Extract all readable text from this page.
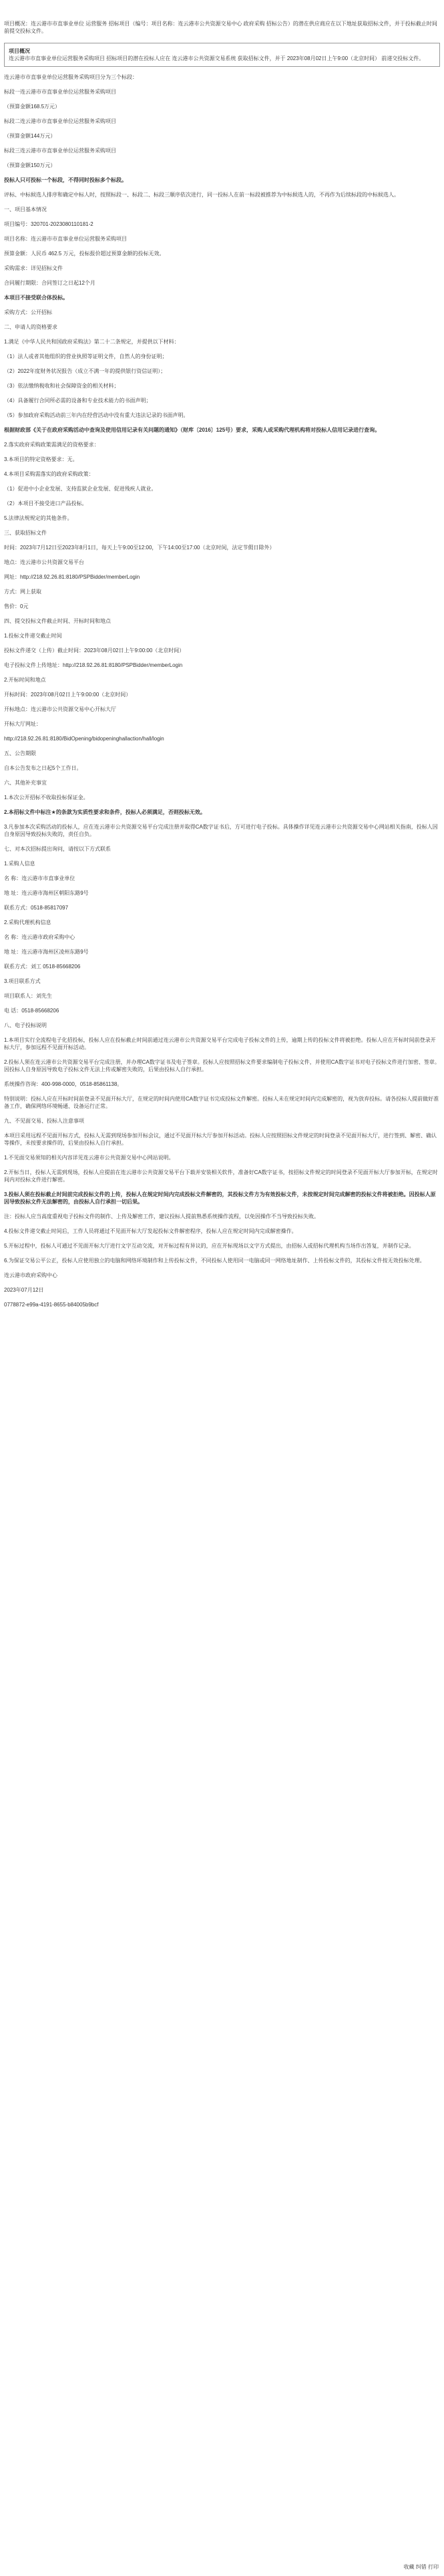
项目概况：连云港市市直事业单位 运营服务 招标项目（编号：项目名称：连云港市公共资源交易中心 政府采购 招标公告）的潜在供应商应在以下地址获取招标文件，并于投标截止时间前提交投标文件。

项目概况

连云港市市直事业单位运营服务采购项目 招标项目的潜在投标人应在 连云港市公共资源交易系统 获取招标文件，并于 2023年08月02日上午9:00（北京时间） 前递交投标文件。

连云港市市直事业单位运营服务采购项目分为三个标段：

标段一连云港市市直事业单位运营服务采购项目

（预算金额168.5万元）

标段二连云港市市直事业单位运营服务采购项目

（预算金额144万元）

标段三连云港市市直事业单位运营服务采购项目

（预算金额150万元）

投标人只可投标一个标段，不得同时投标多个标段。

评标、中标候选人排序和确定中标人时，按照标段一、标段二、标段三顺序依次进行，同一投标人在前一标段被推荐为中标候选人的，不再作为后续标段的中标候选人。

一、项目基本情况

项目编号：320701-2023080110181-2

项目名称：连云港市市直事业单位运营服务采购项目

预算金额：人民币 462.5 万元，投标报价超过预算金额的投标无效。

采购需求：详见招标文件

合同履行期限：合同签订之日起12个月

本项目不接受联合体投标。

采购方式：公开招标

二、申请人的资格要求

1.满足《中华人民共和国政府采购法》第二十二条规定，并提供以下材料：

（1）法人或者其他组织的营业执照等证明文件，自然人的身份证明；

（2）2022年度财务状况报告（成立不满一年的提供银行资信证明）；

（3）依法缴纳税收和社会保障资金的相关材料；

（4）具备履行合同所必需的设备和专业技术能力的书面声明；

（5）参加政府采购活动前三年内在经营活动中没有重大违法记录的书面声明。

根据财政部《关于在政府采购活动中查询及使用信用记录有关问题的通知》（财库〔2016〕125号）要求，采购人或采购代理机构将对投标人信用记录进行查询。

2.落实政府采购政策需满足的资格要求：

3.本项目的特定资格要求：无。

4.本项目采购需落实的政府采购政策：

（1）促进中小企业发展、支持监狱企业发展、促进残疾人就业。

（2）本项目不接受进口产品投标。

5.法律法规规定的其他条件。

三、获取招标文件

时间：2023年7月12日至2023年8月1日，每天上午9:00至12:00，下午14:00至17:00（北京时间，法定节假日除外）

地点：连云港市公共资源交易平台

网址：http://218.92.26.81:8180/PSPBidder/memberLogin

方式：网上获取

售价：0元

四、提交投标文件截止时间、开标时间和地点

1.投标文件递交截止时间

投标文件递交（上传）截止时间：2023年08月02日上午9:00:00（北京时间）

电子投标文件上传地址：http://218.92.26.81:8180/PSPBidder/memberLogin

2.开标时间和地点

开标时间：2023年08月02日上午9:00:00（北京时间）

开标地点：连云港市公共资源交易中心开标大厅

开标大厅网址：

http://218.92.26.81:8180/BidOpening/bidopeninghallaction/hall/login

五、公告期限

自本公告发布之日起5个工作日。

六、其他补充事宜

1.本次公开招标不收取投标保证金。

2.本招标文件中标注★的条款为实质性要求和条件，投标人必须满足，否则投标无效。

3.凡参加本次采购活动的投标人，应在连云港市公共资源交易平台完成注册并取得CA数字证书后，方可进行电子投标。具体操作详见连云港市公共资源交易中心网站相关指南，投标人因自身原因导致投标失败的，责任自负。

七、对本次招标提出询问，请按以下方式联系

1.采购人信息

名 称：连云港市市直事业单位

地 址：连云港市海州区朝阳东路9号

联系方式：0518-85817097

2.采购代理机构信息

名 称：连云港市政府采购中心

地 址：连云港市海州区凌州东路9号

联系方式：刘工 0518-85668206

3.项目联系方式

项目联系人：刘先生

电 话：0518-85668206

八、电子投标说明

1.本项目实行全流程电子化招投标，投标人应在投标截止时间前通过连云港市公共资源交易平台完成电子投标文件的上传，逾期上传的投标文件将被拒绝。投标人应在开标时间前登录开标大厅，参加远程不见面开标活动。

2.投标人须在连云港市公共资源交易平台完成注册，并办理CA数字证书及电子签章。投标人应按照招标文件要求编制电子投标文件，并使用CA数字证书对电子投标文件进行加密、签章。因投标人自身原因导致电子投标文件无法上传或解密失败的，后果由投标人自行承担。

系统操作咨询：400-998-0000，0518-85861138。

特别说明：投标人应在开标时间前登录不见面开标大厅，在规定的时间内使用CA数字证书完成投标文件解密。投标人未在规定时间内完成解密的，视为放弃投标。请各投标人提前做好准备工作，确保网络环境畅通、设备运行正常。

九、不见面交易、投标人注意事项

本项目采用远程不见面开标方式，投标人无需到现场参加开标会议，通过不见面开标大厅参加开标活动。投标人应按照招标文件规定的时间登录不见面开标大厅，进行签到、解密、确认等操作，未按要求操作的，后果由投标人自行承担。

1.不见面交易须知的相关内容详见连云港市公共资源交易中心网站说明。

2.开标当日，投标人无需到现场，投标人应提前在连云港市公共资源交易平台下载并安装相关软件，准备好CA数字证书，按招标文件规定的时间登录不见面开标大厅参加开标，在规定时间内对投标文件进行解密。

3.投标人须在投标截止时间前完成投标文件的上传，投标人在规定时间内完成投标文件解密的，其投标文件方为有效投标文件，未按规定时间完成解密的投标文件将被拒绝。因投标人原因导致投标文件无法解密的，由投标人自行承担一切后果。

注：投标人应当高度重视电子投标文件的制作、上传及解密工作，建议投标人提前熟悉系统操作流程，以免因操作不当导致投标失败。

4.投标文件递交截止时间后，工作人员将通过不见面开标大厅发起投标文件解密程序，投标人应在规定时间内完成解密操作。

5.开标过程中，投标人可通过不见面开标大厅进行文字互动交流，对开标过程有异议的，应在开标现场以文字方式提出，由招标人或招标代理机构当场作出答复，并制作记录。

6.为保证交易公平公正，投标人应使用独立的电脑和网络环境制作和上传投标文件，不同投标人使用同一电脑或同一网络地址制作、上传投标文件的，其投标文件按无效投标处理。

连云港市政府采购中心

2023年07月12日

0778872-e99a-4191-8655-b84005b9bcf

收藏 纠错 打印
